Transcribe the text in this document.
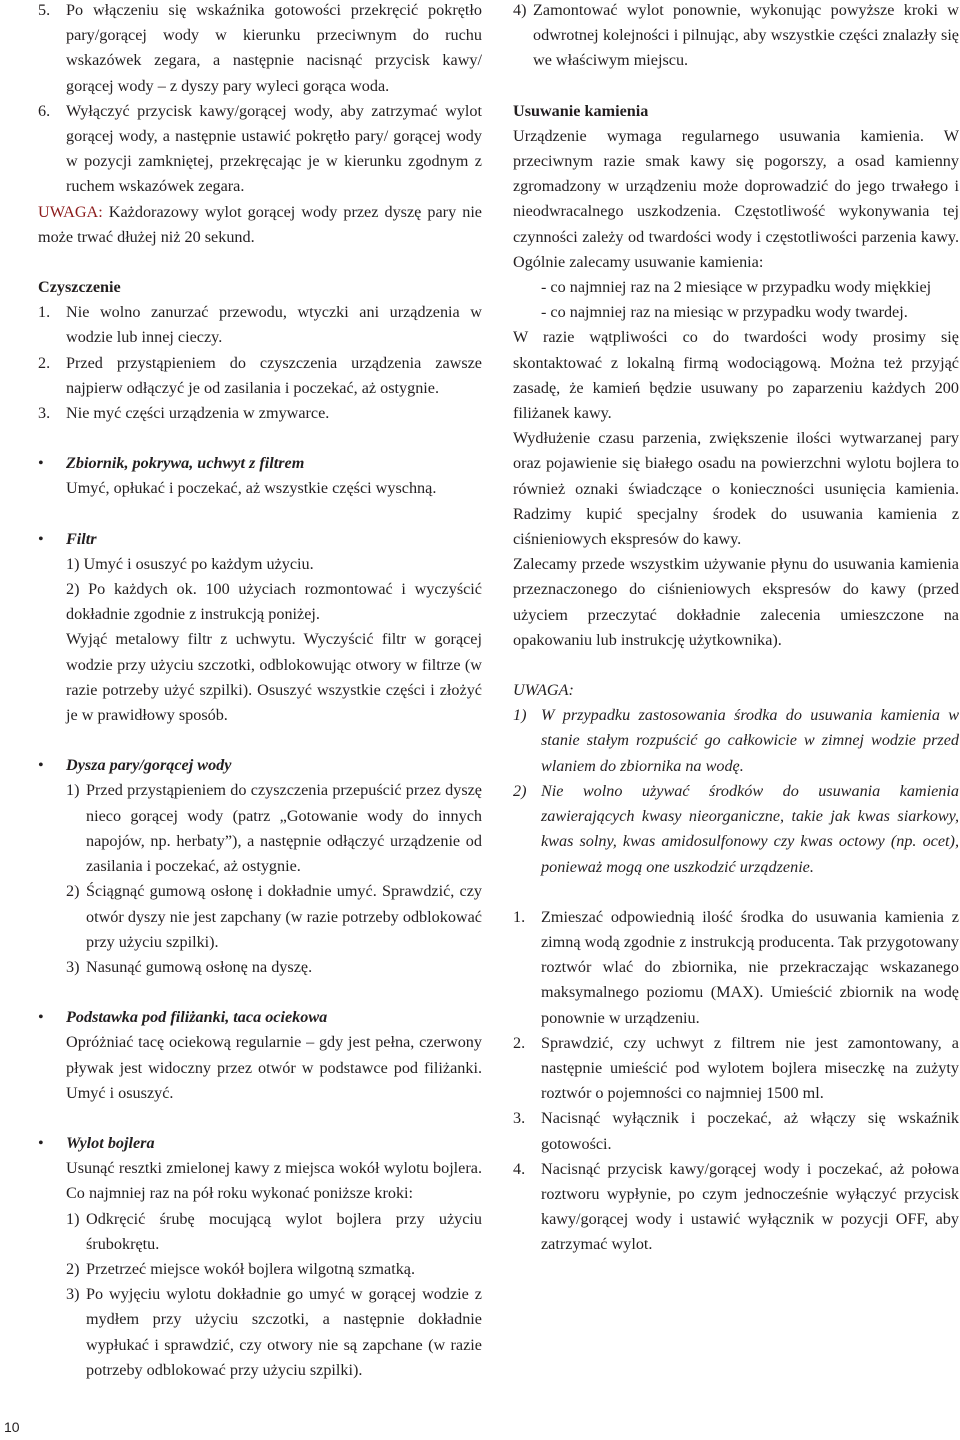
5. Po włączeniu się wskaźnika gotowości przekręcić pokrętło pary/gorącej wody w kierunku przeciwnym do ruchu wskazówek zegara, a następnie nacisnąć przycisk kawy/ gorącej wody – z dyszy pary wyleci gorąca woda.
6. Wyłączyć przycisk kawy/gorącej wody, aby zatrzymać wylot gorącej wody, a następnie ustawić pokrętło pary/ gorącej wody w pozycji zamkniętej, przekręcając je w kierunku zgodnym z ruchem wskazówek zegara.

UWAGA: Każdorazowy wylot gorącej wody przez dyszę pary nie może trwać dłużej niż 20 sekund.

Czyszczenie
1. Nie wolno zanurzać przewodu, wtyczki ani urządzenia w wodzie lub innej cieczy.
2. Przed przystąpieniem do czyszczenia urządzenia zawsze najpierw odłączyć je od zasilania i poczekać, aż ostygnie.
3. Nie myć części urządzenia w zmywarce.
• Zbiornik, pokrywa, uchwyt z filtrem

Umyć, opłukać i poczekać, aż wszystkie części wyschną.

• Filtr

1) Umyć i osuszyć po każdym użyciu.

2) Po każdych ok. 100 użyciach rozmontować i wyczyścić dokładnie zgodnie z instrukcją poniżej.

Wyjąć metalowy filtr z uchwytu. Wyczyścić filtr w gorącej wodzie przy użyciu szczotki, odblokowując otwory w filtrze (w razie potrzeby użyć szpilki). Osuszyć wszystkie części i złożyć je w prawidłowy sposób.

• Dysza pary/gorącej wody
1) Przed przystąpieniem do czyszczenia przepuścić przez dyszę nieco gorącej wody (patrz „Gotowanie wody do innych napojów, np. herbaty”), a następnie odłączyć urządzenie od zasilania i poczekać, aż ostygnie.
2) Ściągnąć gumową osłonę i dokładnie umyć. Sprawdzić, czy otwór dyszy nie jest zapchany (w razie potrzeby odblokować przy użyciu szpilki).
3) Nasunąć gumową osłonę na dyszę.
• Podstawka pod filiżanki, taca ociekowa

Opróżniać tacę ociekową regularnie – gdy jest pełna, czerwony pływak jest widoczny przez otwór w podstawce pod filiżanki. Umyć i osuszyć.

• Wylot bojlera

Usunąć resztki zmielonej kawy z miejsca wokół wylotu bojlera. Co najmniej raz na pół roku wykonać poniższe kroki:

1) Odkręcić śrubę mocującą wylot bojlera przy użyciu śrubokrętu.
2) Przetrzeć miejsce wokół bojlera wilgotną szmatką.
3) Po wyjęciu wylotu dokładnie go umyć w gorącej wodzie z mydłem przy użyciu szczotki, a następnie dokładnie wypłukać i sprawdzić, czy otwory nie są zapchane (w razie potrzeby odblokować przy użyciu szpilki).
4) Zamontować wylot ponownie, wykonując powyższe kroki w odwrotnej kolejności i pilnując, aby wszystkie części znalazły się we właściwym miejscu.
Usuwanie kamienia

Urządzenie wymaga regularnego usuwania kamienia. W przeciwnym razie smak kawy się pogorszy, a osad kamienny zgromadzony w urządzeniu może doprowadzić do jego trwałego i nieodwracalnego uszkodzenia. Częstotliwość wykonywania tej czynności zależy od twardości wody i częstotliwości parzenia kawy. Ogólnie zalecamy usuwanie kamienia:

- co najmniej raz na 2 miesiące w przypadku wody miękkiej

- co najmniej raz na miesiąc w przypadku wody twardej.

W razie wątpliwości co do twardości wody prosimy się skontaktować z lokalną firmą wodociągową. Można też przyjąć zasadę, że kamień będzie usuwany po zaparzeniu każdych 200 filiżanek kawy.

Wydłużenie czasu parzenia, zwiększenie ilości wytwarzanej pary oraz pojawienie się białego osadu na powierzchni wylotu bojlera to również oznaki świadczące o konieczności usunięcia kamienia. Radzimy kupić specjalny środek do usuwania kamienia z ciśnieniowych ekspresów do kawy.

Zalecamy przede wszystkim używanie płynu do usuwania kamienia przeznaczonego do ciśnieniowych ekspresów do kawy (przed użyciem przeczytać dokładnie zalecenia umieszczone na opakowaniu lub instrukcję użytkownika).

UWAGA:
1) W przypadku zastosowania środka do usuwania kamienia w stanie stałym rozpuścić go całkowicie w zimnej wodzie przed wlaniem do zbiornika na wodę.
2) Nie wolno używać środków do usuwania kamienia zawierających kwasy nieorganiczne, takie jak kwas siarkowy, kwas solny, kwas amidosulfonowy czy kwas octowy (np. ocet), ponieważ mogą one uszkodzić urządzenie.
1. Zmieszać odpowiednią ilość środka do usuwania kamienia z zimną wodą zgodnie z instrukcją producenta. Tak przygotowany roztwór wlać do zbiornika, nie przekraczając wskazanego maksymalnego poziomu (MAX). Umieścić zbiornik na wodę ponownie w urządzeniu.
2. Sprawdzić, czy uchwyt z filtrem nie jest zamontowany, a następnie umieścić pod wylotem bojlera miseczkę na zużyty roztwór o pojemności co najmniej 1500 ml.
3. Nacisnąć wyłącznik i poczekać, aż włączy się wskaźnik gotowości.
4. Nacisnąć przycisk kawy/gorącej wody i poczekać, aż połowa roztworu wypłynie, po czym jednocześnie wyłączyć przycisk kawy/gorącej wody i ustawić wyłącznik w pozycji OFF, aby zatrzymać wylot.
10
